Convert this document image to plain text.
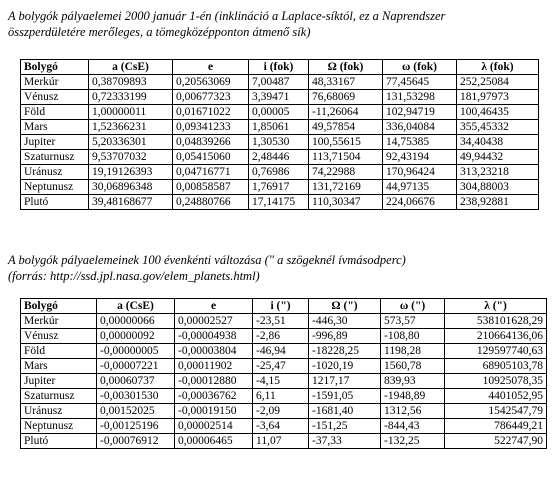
A bolygók pályaelemei 2000 január 1-én (inklináció a Laplace-síktól, ez a Naprendszer
összperdületére merőleges, a tömegközépponton átmenő sík)
Bolygó	a (CsE)	e	i (fok)	Ω (fok)	ω (fok)	λ (fok)
Merkúr	0,38709893	0,20563069	7,00487	48,33167	77,45645	252,25084
Vénusz	0,72333199	0,00677323	3,39471	76,68069	131,53298	181,97973
Föld	1,00000011	0,01671022	0,00005	-11,26064	102,94719	100,46435
Mars	1,52366231	0,09341233	1,85061	49,57854	336,04084	355,45332
Jupiter	5,20336301	0,04839266	1,30530	100,55615	14,75385	34,40438
Szaturnusz	9,53707032	0,05415060	2,48446	113,71504	92,43194	49,94432
Uránusz	19,19126393	0,04716771	0,76986	74,22988	170,96424	313,23218
Neptunusz	30,06896348	0,00858587	1,76917	131,72169	44,97135	304,88003
Plutó	39,48168677	0,2488076​6	17,14175	110,30347	224,06676	238,92881
A bolygók pályaelemeinek 100 évenkénti változása (" a szögeknél ívmásodperc)
(forrás: http://ssd.jpl.nasa.gov/elem_planets.html)
Bolygó	a (CsE)	e	i (")	Ω (")	ω (")	λ (")
Merkúr	0,00000066	0,00002527	-23,51	-446,30	573,57	538101628,29
Vénusz	0,00000092	-0,00004938	-2,86	-996,89	-108,80	210664136,06
Föld	-0,00000005	-0,00003804	-46,94	-18228,25	1198,28	129597740,63
Mars	-0,00007221	0,00011902	-25,47	-1020,19	1560,78	68905103,78
Jupiter	0,00060737	-0,00012880	-4,15	1217,17	839,93	10925078,35
Szaturnusz	-0,00301530	-0,00036762	6,11	-1591,05	-1948,89	4401052,95
Uránusz	0,00152025	-0,00019150	-2,09	-1681,40	1312,56	1542547,79
Neptunusz	-0,00125196	0,00002514	-3,64	-151,25	-844,43	786449,21
Plutó	-0,00076912	0,00006465	11,07	-37,33	-132,25	522747,90
